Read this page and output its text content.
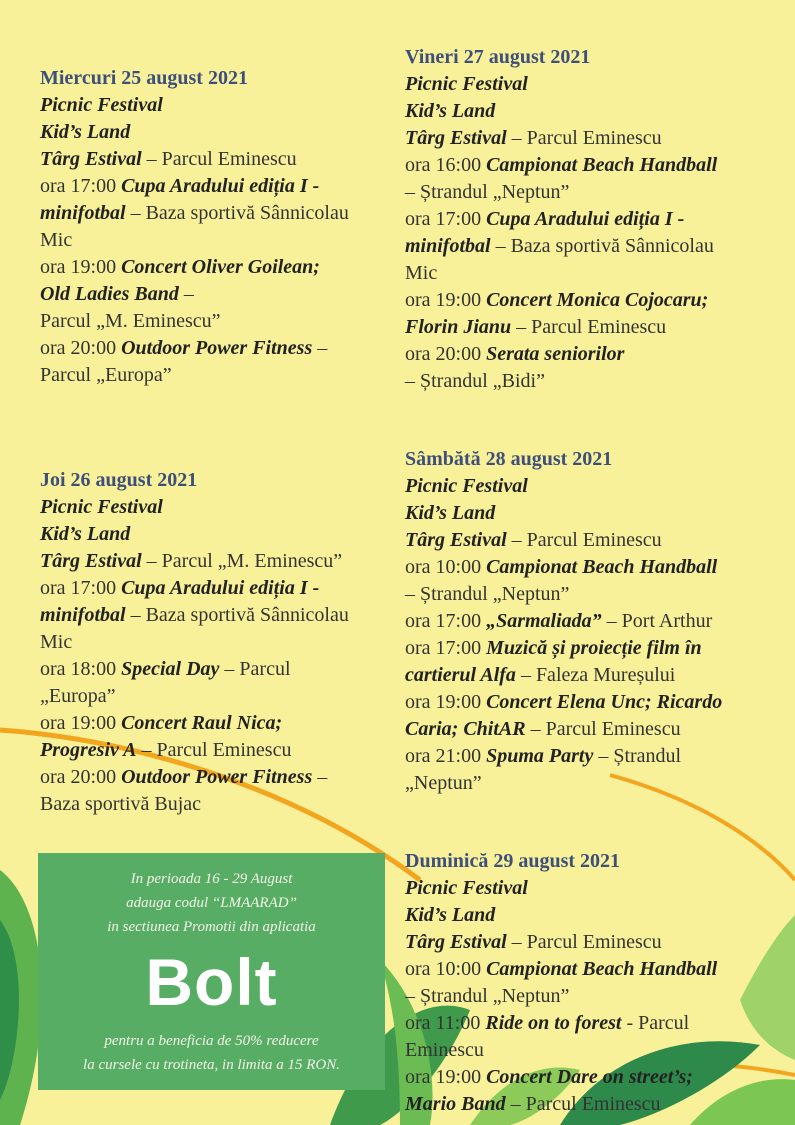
Miercuri 25 august 2021
Picnic Festival
Kid’s Land
Târg Estival – Parcul Eminescu
ora 17:00 Cupa Aradului ediția I -
minifotbal – Baza sportivă Sânnicolau
Mic
ora 19:00 Concert Oliver Goilean;
Old Ladies Band –
Parcul „M. Eminescu”
ora 20:00 Outdoor Power Fitness –
Parcul „Europa”
Joi 26 august 2021
Picnic Festival
Kid’s Land
Târg Estival – Parcul „M. Eminescu”
ora 17:00 Cupa Aradului ediția I -
minifotbal – Baza sportivă Sânnicolau
Mic
ora 18:00 Special Day – Parcul
„Europa”
ora 19:00 Concert Raul Nica;
Progresiv A – Parcul Eminescu
ora 20:00 Outdoor Power Fitness –
Baza sportivă Bujac
Vineri 27 august 2021
Picnic Festival
Kid’s Land
Târg Estival – Parcul Eminescu
ora 16:00 Campionat Beach Handball
– Ștrandul „Neptun”
ora 17:00 Cupa Aradului ediția I -
minifotbal – Baza sportivă Sânnicolau
Mic
ora 19:00 Concert Monica Cojocaru;
Florin Jianu – Parcul Eminescu
ora 20:00 Serata seniorilor
– Ștrandul „Bidi”
Sâmbătă 28 august 2021
Picnic Festival
Kid’s Land
Târg Estival – Parcul Eminescu
ora 10:00 Campionat Beach Handball
– Ștrandul „Neptun”
ora 17:00 „Sarmaliada” – Port Arthur
ora 17:00 Muzică și proiecție film în
cartierul Alfa – Faleza Mureșului
ora 19:00 Concert Elena Unc; Ricardo
Caria; ChitAR – Parcul Eminescu
ora 21:00 Spuma Party – Ștrandul
„Neptun”
Duminică 29 august 2021
Picnic Festival
Kid’s Land
Târg Estival – Parcul Eminescu
ora 10:00 Campionat Beach Handball
– Ștrandul „Neptun”
ora 11:00 Ride on to forest - Parcul
Eminescu
ora 19:00 Concert Dare on street’s;
Mario Band – Parcul Eminescu
In perioada 16 - 29 August
adauga codul “LMAARAD”
in sectiunea Promotii din aplicatia
Bolt
pentru a beneficia de 50% reducere
la cursele cu trotineta, in limita a 15 RON.
